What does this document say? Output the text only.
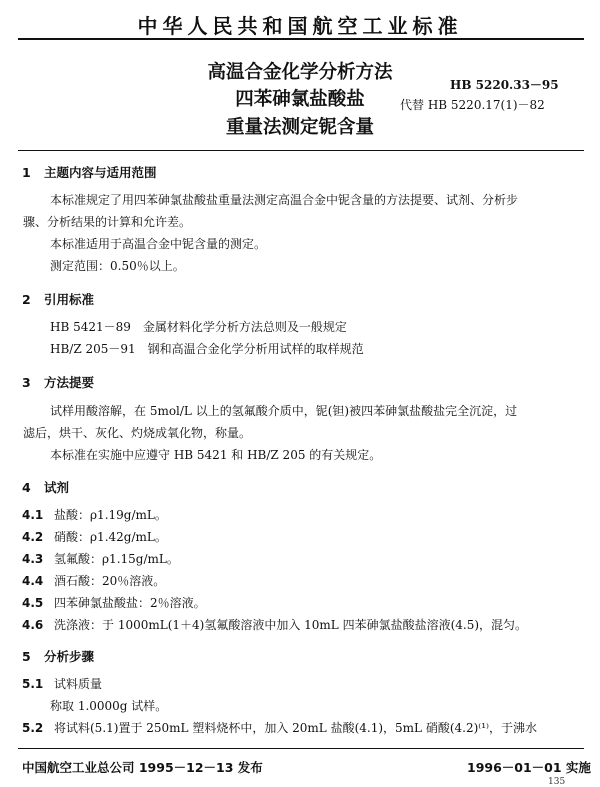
中华人民共和国航空工业标准
高温合金化学分析方法
四苯砷氯盐酸盐
重量法测定铌含量
HB 5220.33－95
代替 HB 5220.17(1)－82
1 主题内容与适用范围
本标准规定了用四苯砷氯盐酸盐重量法测定高温合金中铌含量的方法提要、试剂、分析步
骤、分析结果的计算和允许差。
本标准适用于高温合金中铌含量的测定。
测定范围：0.50％以上。
2 引用标准
HB 5421－89　金属材料化学分析方法总则及一般规定
HB/Z 205－91　钢和高温合金化学分析用试样的取样规范
3 方法提要
试样用酸溶解，在 5mol/L 以上的氢氟酸介质中，铌(钽)被四苯砷氯盐酸盐完全沉淀，过
滤后，烘干、灰化、灼烧成氧化物，称量。
本标准在实施中应遵守 HB 5421 和 HB/Z 205 的有关规定。
4 试剂
4.1 盐酸：ρ1.19g/mL。
4.2 硝酸：ρ1.42g/mL。
4.3 氢氟酸：ρ1.15g/mL。
4.4 酒石酸：20％溶液。
4.5 四苯砷氯盐酸盐：2％溶液。
4.6 洗涤液：于 1000mL(1＋4)氢氟酸溶液中加入 10mL 四苯砷氯盐酸盐溶液(4.5)，混匀。
5 分析步骤
5.1 试料质量
称取 1.0000g 试样。
5.2 将试料(5.1)置于 250mL 塑料烧杯中，加入 20mL 盐酸(4.1)，5mL 硝酸(4.2)⁽¹⁾，于沸水
中国航空工业总公司 1995－12－13 发布	1996－01－01 实施
135
